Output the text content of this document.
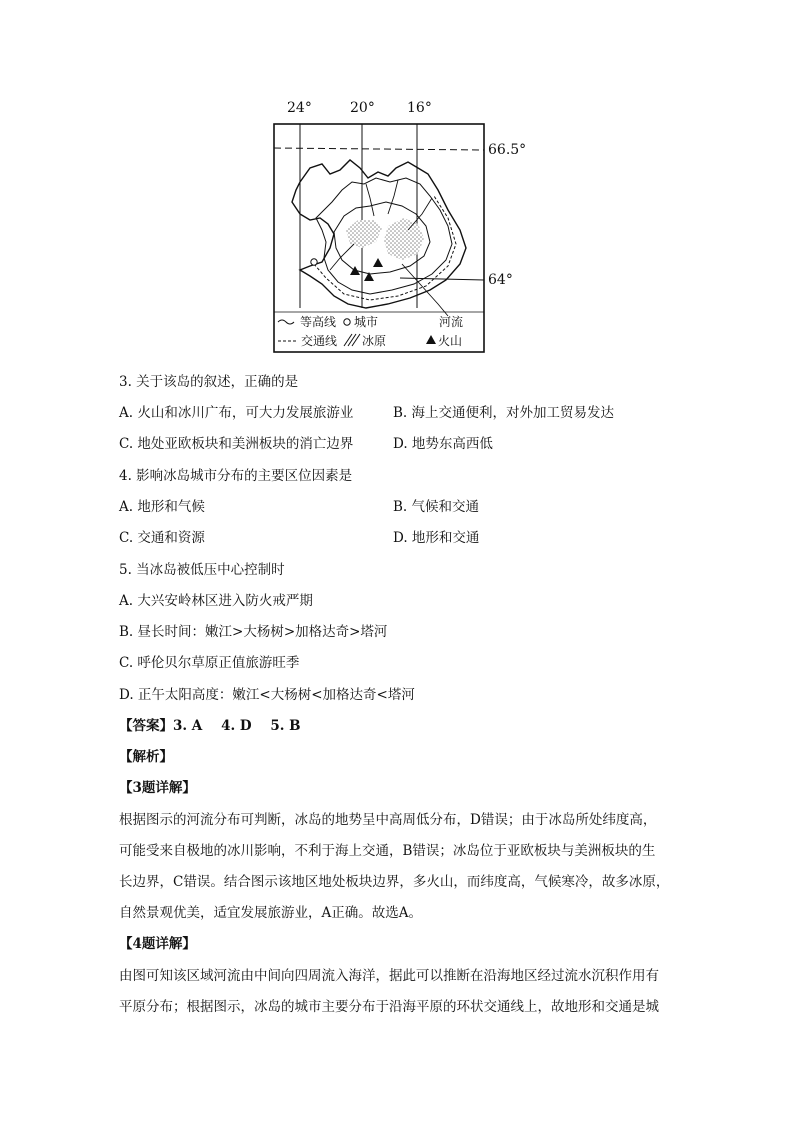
24°	20° 16°
66.5°
64°
等高线 城市	河流
交通线 冰原	火山
3. 关于该岛的叙述，正确的是
A. 火山和冰川广布，可大力发展旅游业	B. 海上交通便利，对外加工贸易发达
C. 地处亚欧板块和美洲板块的消亡边界	D. 地势东高西低
4. 影响冰岛城市分布的主要区位因素是
A. 地形和气候	B. 气候和交通
C. 交通和资源	D. 地形和交通
5. 当冰岛被低压中心控制时
A. 大兴安岭林区进入防火戒严期
B. 昼长时间：嫩江>大杨树>加格达奇>塔河
C. 呼伦贝尔草原正值旅游旺季
D. 正午太阳高度：嫩江<大杨树<加格达奇<塔河
【答案】3. A    4. D    5. B
【解析】
【3题详解】
根据图示的河流分布可判断，冰岛的地势呈中高周低分布，D错误；由于冰岛所处纬度高，
可能受来自极地的冰川影响，不利于海上交通，B错误；冰岛位于亚欧板块与美洲板块的生
长边界，C错误。结合图示该地区地处板块边界，多火山，而纬度高，气候寒冷，故多冰原，
自然景观优美，适宜发展旅游业，A正确。故选A。
【4题详解】
由图可知该区域河流由中间向四周流入海洋，据此可以推断在沿海地区经过流水沉积作用有
平原分布；根据图示，冰岛的城市主要分布于沿海平原的环状交通线上，故地形和交通是城
